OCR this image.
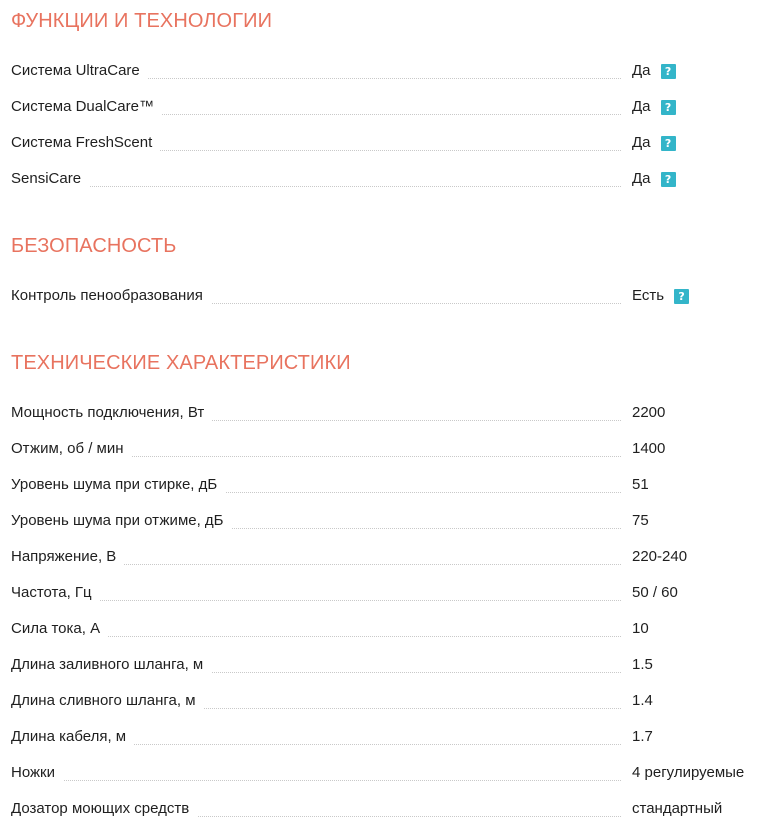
ФУНКЦИИ И ТЕХНОЛОГИИ
Система UltraCare	Да	?
Система DualCare™	Да	?
Система FreshScent	Да	?
SensiCare	Да	?
БЕЗОПАСНОСТЬ
Контроль пенообразования	Есть	?
ТЕХНИЧЕСКИЕ ХАРАКТЕРИСТИКИ
Мощность подключения, Вт	2200
Отжим, об / мин	1400
Уровень шума при стирке, дБ	51
Уровень шума при отжиме, дБ	75
Напряжение, В	220-240
Частота, Гц	50 / 60
Сила тока, А	10
Длина заливного шланга, м	1.5
Длина сливного шланга, м	1.4
Длина кабеля, м	1.7
Ножки	4 регулируемые
Дозатор моющих средств	стандартный
